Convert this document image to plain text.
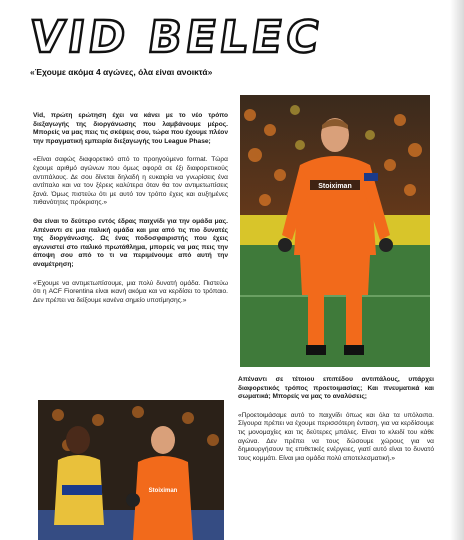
VID BELEC
«Έχουμε ακόμα 4 αγώνες, όλα είναι ανοικτά»

Vid, πρώτη ερώτηση έχει να κάνει με το νέο τρόπο διεξαγωγής της διοργάνωσης που λαμβάνουμε μέρος. Μπορείς να μας πεις τις σκέψεις σου, τώρα που έχουμε πλέον την πραγματική εμπειρία διεξαγωγής του League Phase;

«Είναι σαφώς διαφορετικό από το προηγούμενο format. Τώρα έχουμε αριθμό αγώνων που όμως αφορά σε έξι διαφορετικούς αντιπάλους. Δε σου δίνεται δηλαδή η ευκαιρία να γνωρίσεις ένα αντίπαλο και να τον ξέρεις καλύτερα όταν θα τον αντιμετωπίσεις ξανά. Όμως πιστεύω ότι με αυτό τον τρόπο έχεις και αυξημένες πιθανότητες πρόκρισης.»

Θα είναι το δεύτερο εντός έδρας παιχνίδι για την ομάδα μας. Απέναντι σε μια ιταλική ομάδα και μια από τις πιο δυνατές της διοργάνωσης. Ως ένας ποδοσφαιριστής που έχεις αγωνιστεί στο ιταλικό πρωτάθλημα, μπορείς να μας πεις την άποψη σου από το τι να περιμένουμε από αυτή την αναμέτρηση;

«Έχουμε να αντιμετωπίσουμε, μια πολύ δυνατή ομάδα. Πιστεύω ότι η ACF Fiorentina είναι ικανή ακόμα και να κερδίσει το τρόπαιο. Δεν πρέπει να δείξουμε κανένα σημείο υποτίμησης.»

Απέναντι σε τέτοιου επιπέδου αντιπάλους, υπάρχει διαφορετικός τρόπος προετοιμασίας; Και πνευματικά και σωματικά; Μπορείς να μας το αναλύσεις;

«Προετοιμάσαμε αυτό το παιχνίδι όπως και όλα τα υπόλοιπα. Σίγουρα πρέπει να έχουμε περισσότερη ένταση, για να κερδίσουμε τις μονομαχίες και τις δεύτερες μπάλες. Είναι το κλειδί του κάθε αγώνα. Δεν πρέπει να τους δώσουμε χώρους για να δημιουργήσουν τις επιθετικές ενέργειες, γιατί αυτό είναι το δυνατό τους κομμάτι. Είναι μια ομάδα πολύ αποτελεσματική.»

Stoiximan
Stoiximan
